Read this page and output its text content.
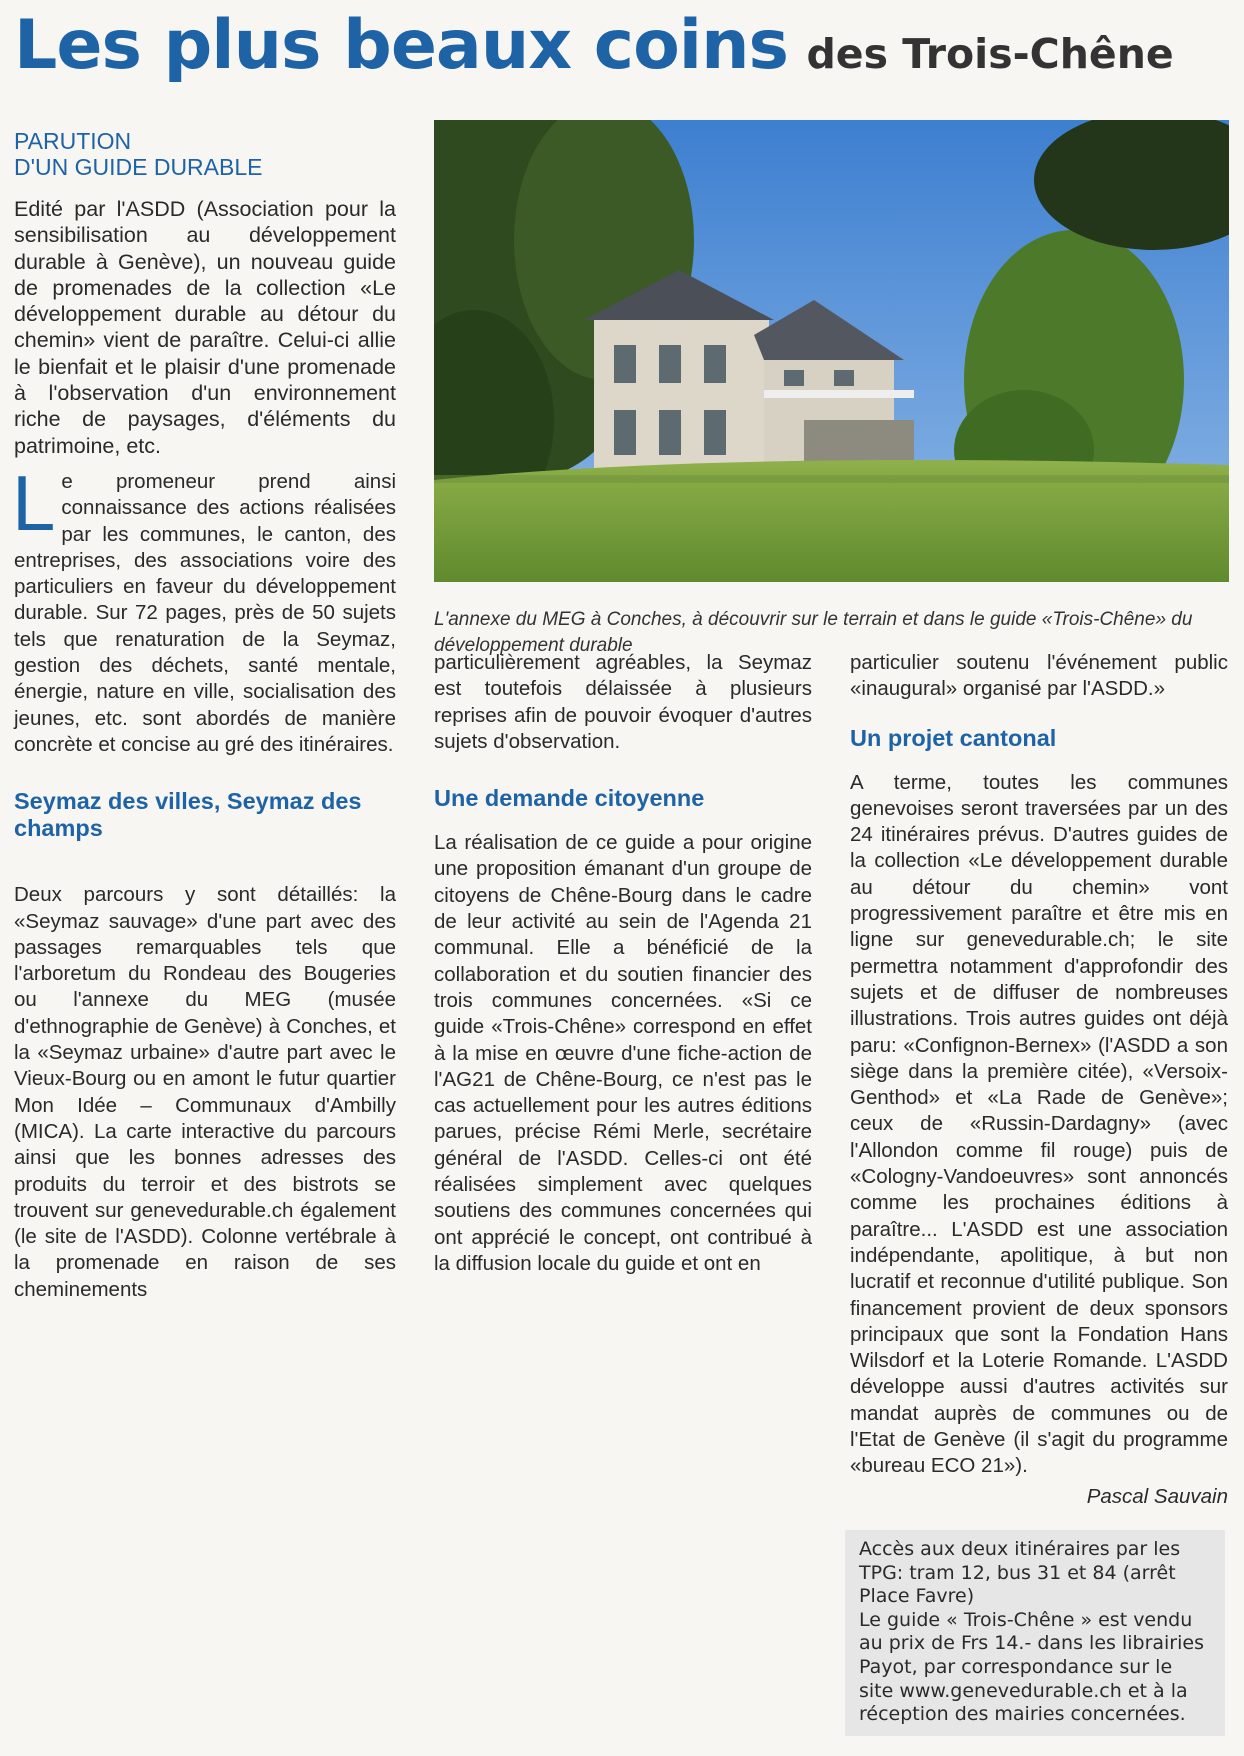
Les plus beaux coins des Trois-Chêne

PARUTION

D'UN GUIDE DURABLE

Edité par l'ASDD (Association pour la sensibilisation au développement durable à Genève), un nouveau guide de promenades de la collection «Le développement durable au détour du chemin» vient de paraître. Celui-ci allie le bienfait et le plaisir d'une promenade à l'observation d'un environnement riche de paysages, d'éléments du patrimoine, etc.

Le promeneur prend ainsi connaissance des actions réalisées par les communes, le canton, des entreprises, des associations voire des particuliers en faveur du développement durable. Sur 72 pages, près de 50 sujets tels que renaturation de la Seymaz, gestion des déchets, santé mentale, énergie, nature en ville, socialisation des jeunes, etc. sont abordés de manière concrète et concise au gré des itinéraires.

Seymaz des villes, Seymaz des champs

Deux parcours y sont détaillés: la «Seymaz sauvage» d'une part avec des passages remarquables tels que l'arboretum du Rondeau des Bougeries ou l'annexe du MEG (musée d'ethnographie de Genève) à Conches, et la «Seymaz urbaine» d'autre part avec le Vieux-Bourg ou en amont le futur quartier Mon Idée – Communaux d'Ambilly (MICA). La carte interactive du parcours ainsi que les bonnes adresses des produits du terroir et des bistrots se trouvent sur genevedurable.ch également (le site de l'ASDD). Colonne vertébrale à la promenade en raison de ses cheminements

L'annexe du MEG à Conches, à découvrir sur le terrain et dans le guide «Trois-Chêne» du développement durable

particulièrement agréables, la Seymaz est toutefois délaissée à plusieurs reprises afin de pouvoir évoquer d'autres sujets d'observation.

Une demande citoyenne

La réalisation de ce guide a pour origine une proposition émanant d'un groupe de citoyens de Chêne-Bourg dans le cadre de leur activité au sein de l'Agenda 21 communal. Elle a bénéficié de la collaboration et du soutien financier des trois communes concernées. «Si ce guide «Trois-Chêne» correspond en effet à la mise en œuvre d'une fiche-action de l'AG21 de Chêne-Bourg, ce n'est pas le cas actuellement pour les autres éditions parues, précise Rémi Merle, secrétaire général de l'ASDD. Celles-ci ont été réalisées simplement avec quelques soutiens des communes concernées qui ont apprécié le concept, ont contribué à la diffusion locale du guide et ont en

particulier soutenu l'événement public «inaugural» organisé par l'ASDD.»

Un projet cantonal

A terme, toutes les communes genevoises seront traversées par un des 24 itinéraires prévus. D'autres guides de la collection «Le développement durable au détour du chemin» vont progressivement paraître et être mis en ligne sur genevedurable.ch; le site permettra notamment d'approfondir des sujets et de diffuser de nombreuses illustrations. Trois autres guides ont déjà paru: «Confignon-Bernex» (l'ASDD a son siège dans la première citée), «Versoix-Genthod» et «La Rade de Genève»; ceux de «Russin-Dardagny» (avec l'Allondon comme fil rouge) puis de «Cologny-Vandoeuvres» sont annoncés comme les prochaines éditions à paraître... L'ASDD est une association indépendante, apolitique, à but non lucratif et reconnue d'utilité publique. Son financement provient de deux sponsors principaux que sont la Fondation Hans Wilsdorf et la Loterie Romande. L'ASDD développe aussi d'autres activités sur mandat auprès de communes ou de l'Etat de Genève (il s'agit du programme «bureau ECO 21»).

Pascal Sauvain

Accès aux deux itinéraires par les TPG: tram 12, bus 31 et 84 (arrêt Place Favre)

Le guide « Trois-Chêne » est vendu au prix de Frs 14.- dans les librairies Payot, par correspondance sur le site www.genevedurable.ch et à la réception des mairies concernées.
